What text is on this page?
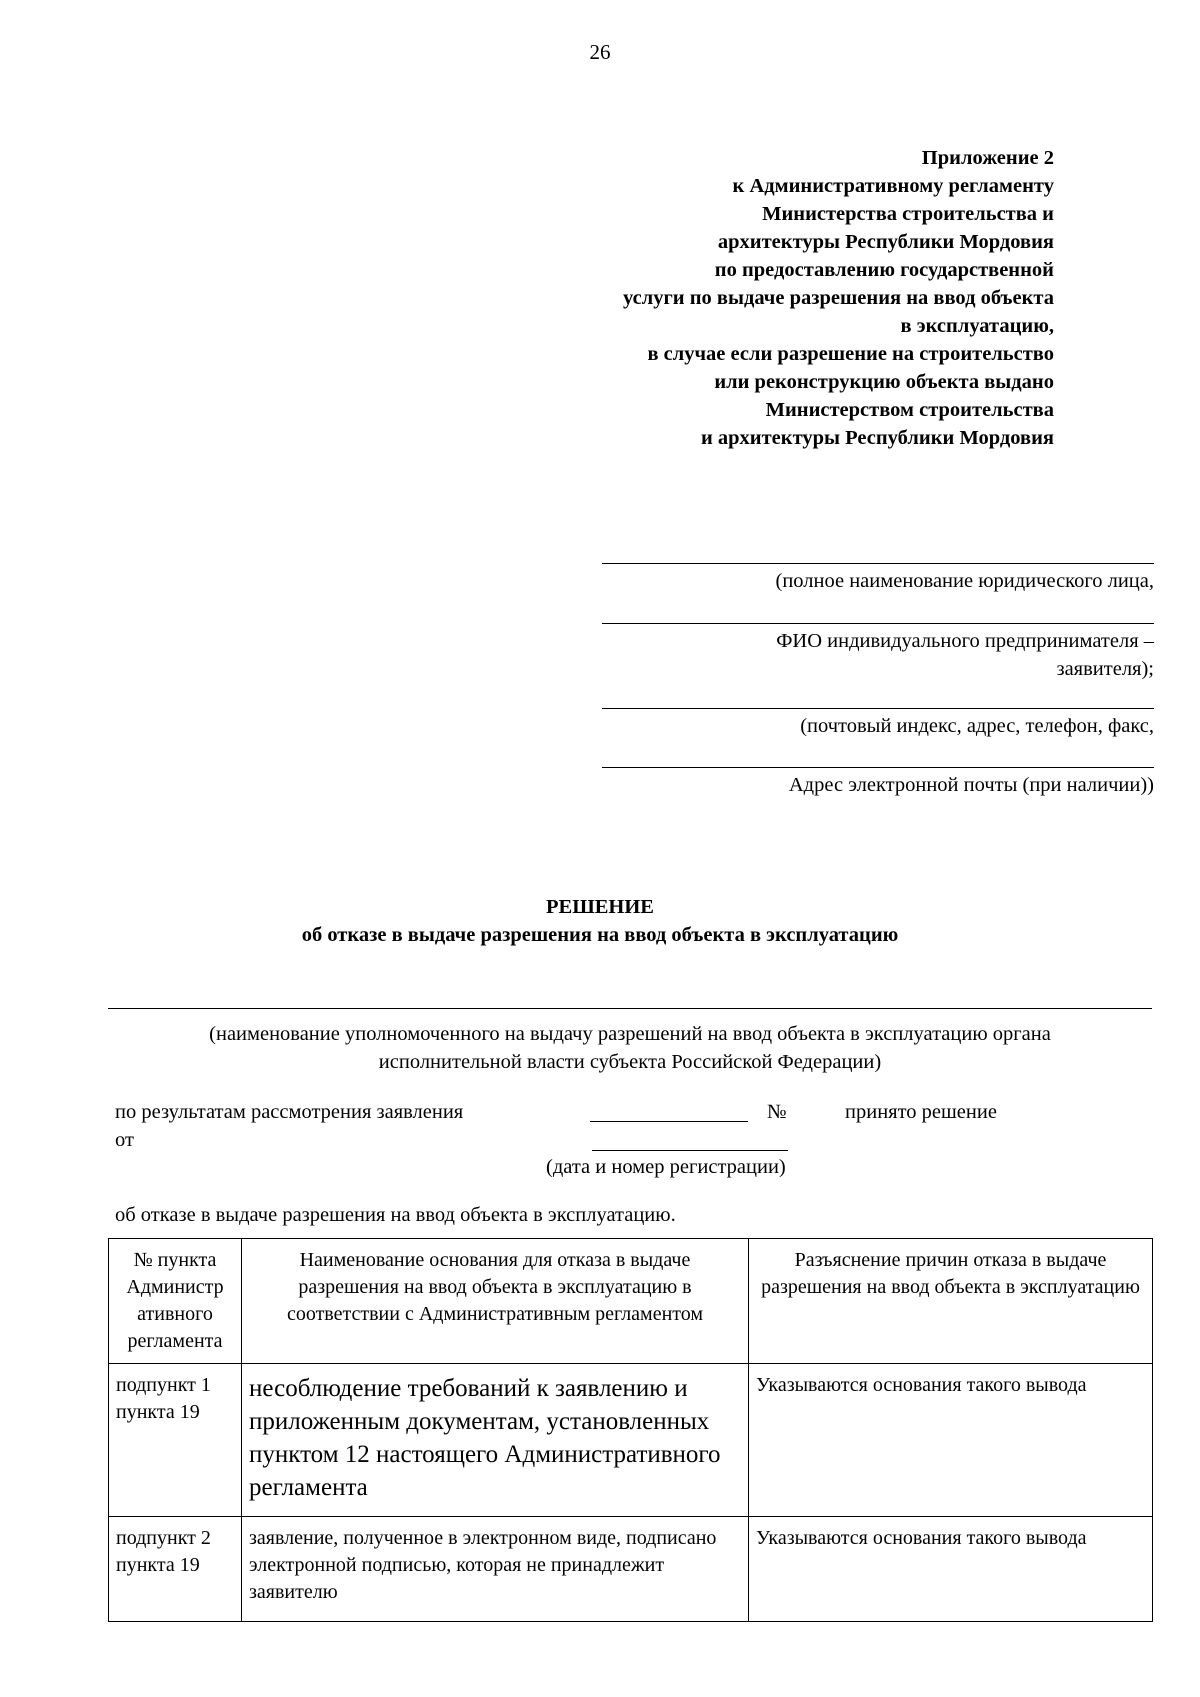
26
Приложение 2
к Административному регламенту
Министерства строительства и
архитектуры Республики Мордовия
по предоставлению государственной
услуги по выдаче разрешения на ввод объекта
в эксплуатацию,
в случае если разрешение на строительство
или реконструкцию объекта выдано
Министерством строительства
и архитектуры Республики Мордовия
(полное наименование юридического лица,
ФИО индивидуального предпринимателя –
заявителя);
(почтовый индекс, адрес, телефон, факс,
Адрес электронной почты (при наличии))
РЕШЕНИЕ
об отказе в выдаче разрешения на ввод объекта в эксплуатацию
(наименование уполномоченного на выдачу разрешений на ввод объекта в эксплуатацию органа
исполнительной власти субъекта Российской Федерации)
по результатам рассмотрения заявления	№	принято решение
от
(дата и номер регистрации)
об отказе в выдаче разрешения на ввод объекта в эксплуатацию.
№ пункта Администр ативного регламента	Наименование основания для отказа в выдаче разрешения на ввод объекта в эксплуатацию в соответствии с Административным регламентом	Разъяснение причин отказа в выдаче разрешения на ввод объекта в эксплуатацию
подпункт 1 пункта 19	несоблюдение требований к заявлению и приложенным документам, установленных пунктом 12 настоящего Административного регламента	Указываются основания такого вывода
подпункт 2 пункта 19	заявление, полученное в электронном виде, подписано электронной подписью, которая не принадлежит заявителю	Указываются основания такого вывода
